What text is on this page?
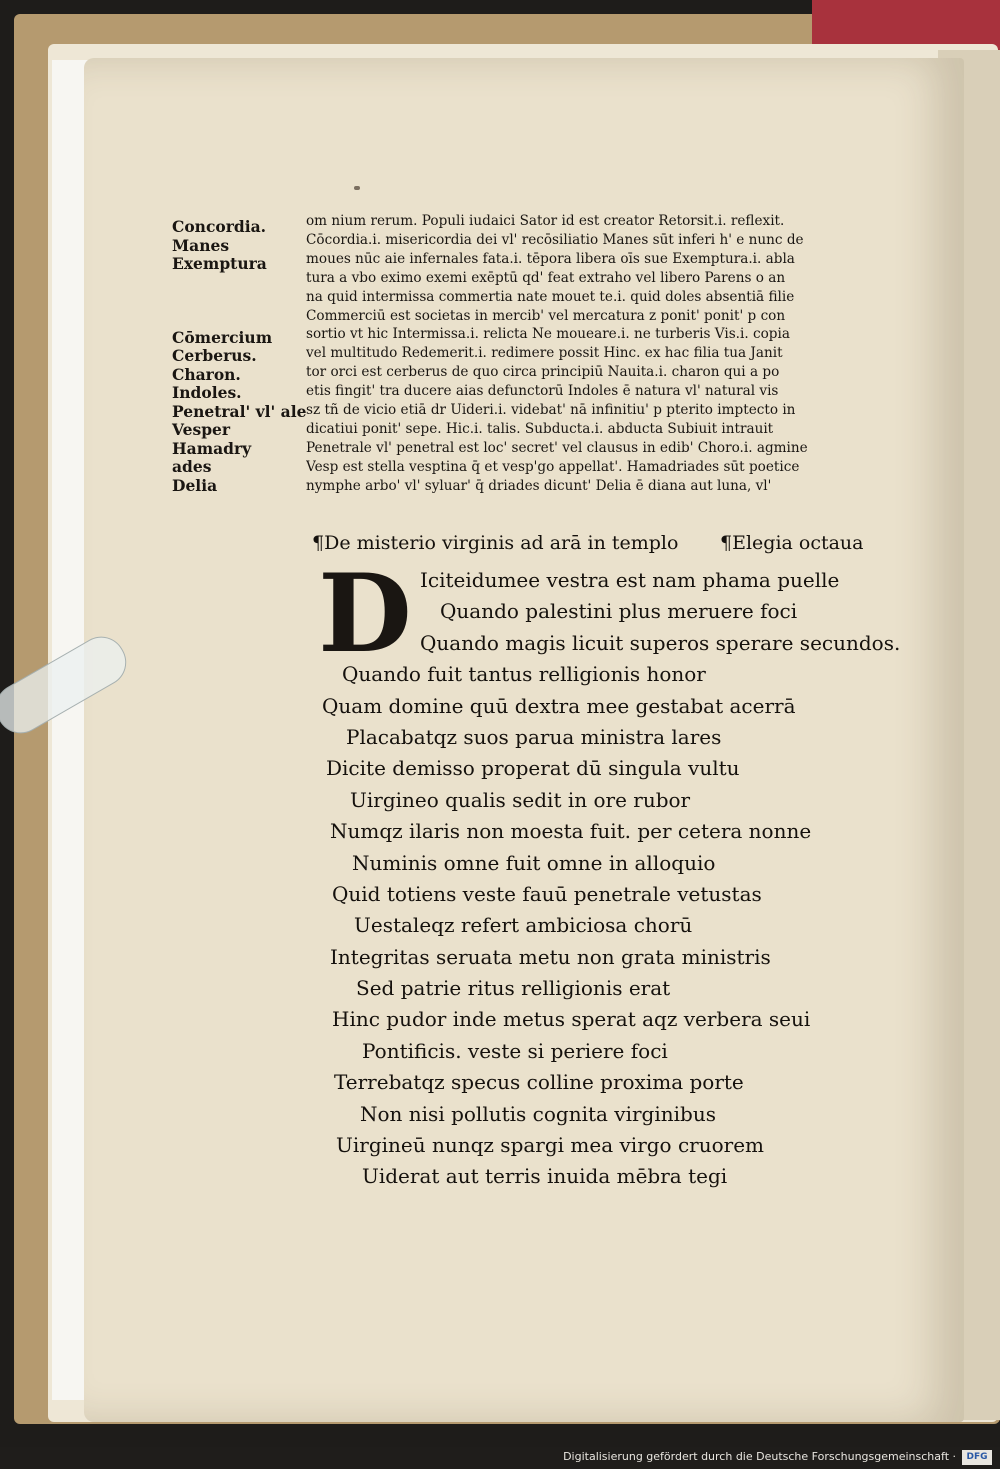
Concordia.
Manes
Exemptura
Cōmercium
Cerberus.
Charon.
Indoles.
Penetral' vl' ale
Vesper
Hamadry
ades
Delia
om nium rerum. Populi iudaici Sator id est creator Retorsit.i. reflexit.
Cōcordia.i. misericordia dei vl' recōsiliatio Manes sūt inferi h' e nunc de
moues nūc aie infernales fata.i. tēpora libera oīs sue Exemptura.i. abla
tura a vbo eximo exemi exēptū qd' feat extraho vel libero Parens o an
na quid intermissa commertia nate mouet te.i. quid doles absentiā filie
Commerciū est societas in mercib' vel mercatura z ponit' ponit' p con
sortio vt hic Intermissa.i. relicta Ne moueare.i. ne turberis Vis.i. copia
vel multitudo Redemerit.i. redimere possit Hinc. ex hac filia tua Janit
tor orci est cerberus de quo circa principiū Nauita.i. charon qui a po
etis fingit' tra ducere aias defunctorū Indoles ē natura vl' natural vis
sz tñ de vicio etiā dr Uideri.i. videbat' nā infinitiu' p pterito imptecto in
dicatiui ponit' sepe. Hic.i. talis. Subducta.i. abducta Subiuit intrauit
Penetrale vl' penetral est loc' secret' vel clausus in edib' Choro.i. agmine
Vesp est stella vesptina q̄ et vesp'go appellat'. Hamadriades sūt poetice
nymphe arbo' vl' syluar' q̄ driades dicunt' Delia ē diana aut luna, vl'
¶De misterio virginis ad arā in templo ¶Elegia octaua
D Iciteidumee vestra est nam phama puelle
Quando palestini plus meruere foci
Quando magis licuit superos sperare secundos.
Quando fuit tantus relligionis honor
Quam domine quū dextra mee gestabat acerrā
Placabatqz suos parua ministra lares
Dicite demisso properat dū singula vultu
Uirgineo qualis sedit in ore rubor
Numqz ilaris non moesta fuit. per cetera nonne
Numinis omne fuit omne in alloquio
Quid totiens veste fauū penetrale vetustas
Uestaleqz refert ambiciosa chorū
Integritas seruata metu non grata ministris
Sed patrie ritus relligionis erat
Hinc pudor inde metus sperat aqz verbera seui
Pontificis. veste si periere foci
Terrebatqz specus colline proxima porte
Non nisi pollutis cognita virginibus
Uirgineū nunqz spargi mea virgo cruorem
Uiderat aut terris inuida mēbra tegi
Digitalisierung gefördert durch die Deutsche Forschungsgemeinschaft ·	DFG
